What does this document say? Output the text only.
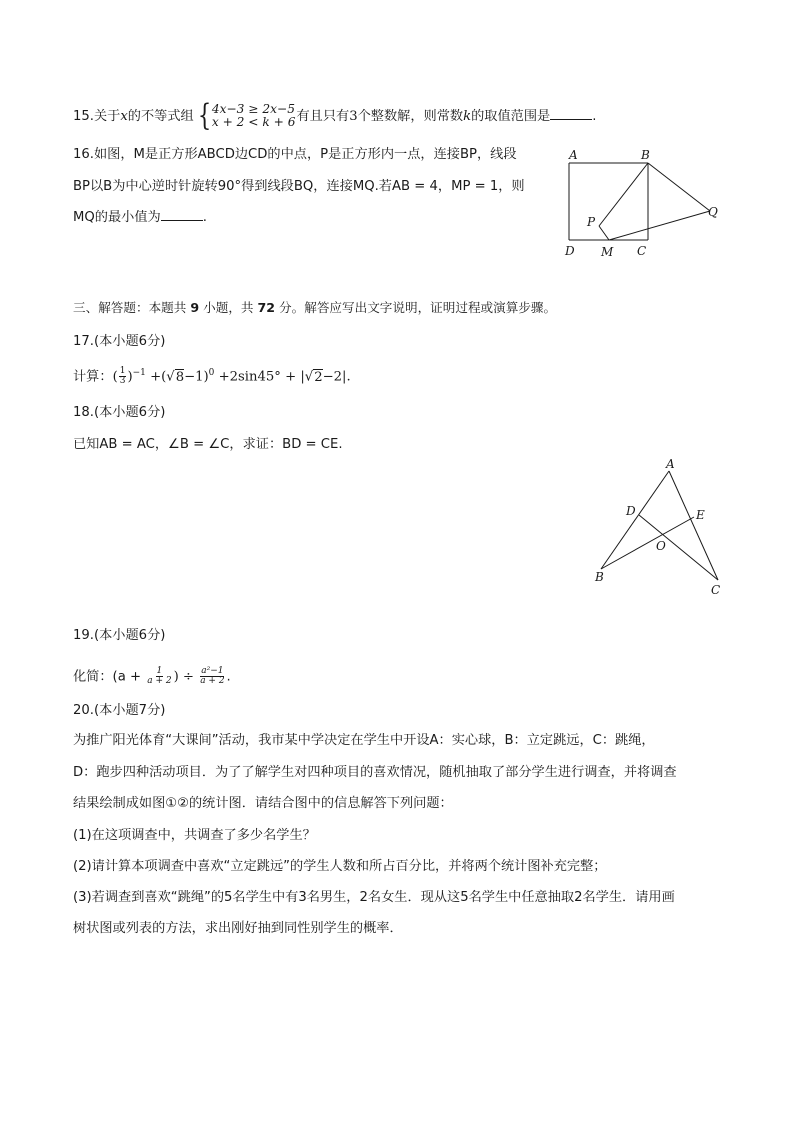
15.关于x的不等式组 { 4x−3 ≥ 2x−5
x + 2 < k + 6 有且只有3个整数解，则常数k的取值范围是	.
16.如图，M是正方形ABCD边CD的中点，P是正方形内一点，连接BP，线段
BP以B为中心逆时针旋转90°得到线段BQ，连接MQ.若AB = 4，MP = 1，则
MQ的最小值为	.
A	B
D M C
P
Q
三、解答题：本题共 9 小题，共 72 分。解答应写出文字说明，证明过程或演算步骤。
17.(本小题6分)
计算：( $\frac{1}{3} )^{-1} +(√8-1)^0 +2\sin 45^\circ + |√2-2|$.
18.(本小题6分)
已知AB = AC，∠B = ∠C，求证：BD = CE.
A
D	E
O
B
C
19.(本小题6分)
化简：($a + \frac{1}{a + 2}$ ) ÷ $\frac{\text{a²−1}}{a + 2}$ .
20.(本小题7分)
为推广阳光体育“大课间”活动，我市某中学决定在学生中开设A：实心球，B：立定跳远，C：跳绳，
D：跑步四种活动项目．为了了解学生对四种项目的喜欢情况，随机抽取了部分学生进行调查，并将调查
结果绘制成如图①②的统计图．请结合图中的信息解答下列问题：
(1)在这项调查中，共调查了多少名学生？
(2)请计算本项调查中喜欢“立定跳远”的学生人数和所占百分比，并将两个统计图补充完整；
(3)若调查到喜欢“跳绳”的5名学生中有3名男生，2名女生．现从这5名学生中任意抽取2名学生．请用画
树状图或列表的方法，求出刚好抽到同性别学生的概率．
